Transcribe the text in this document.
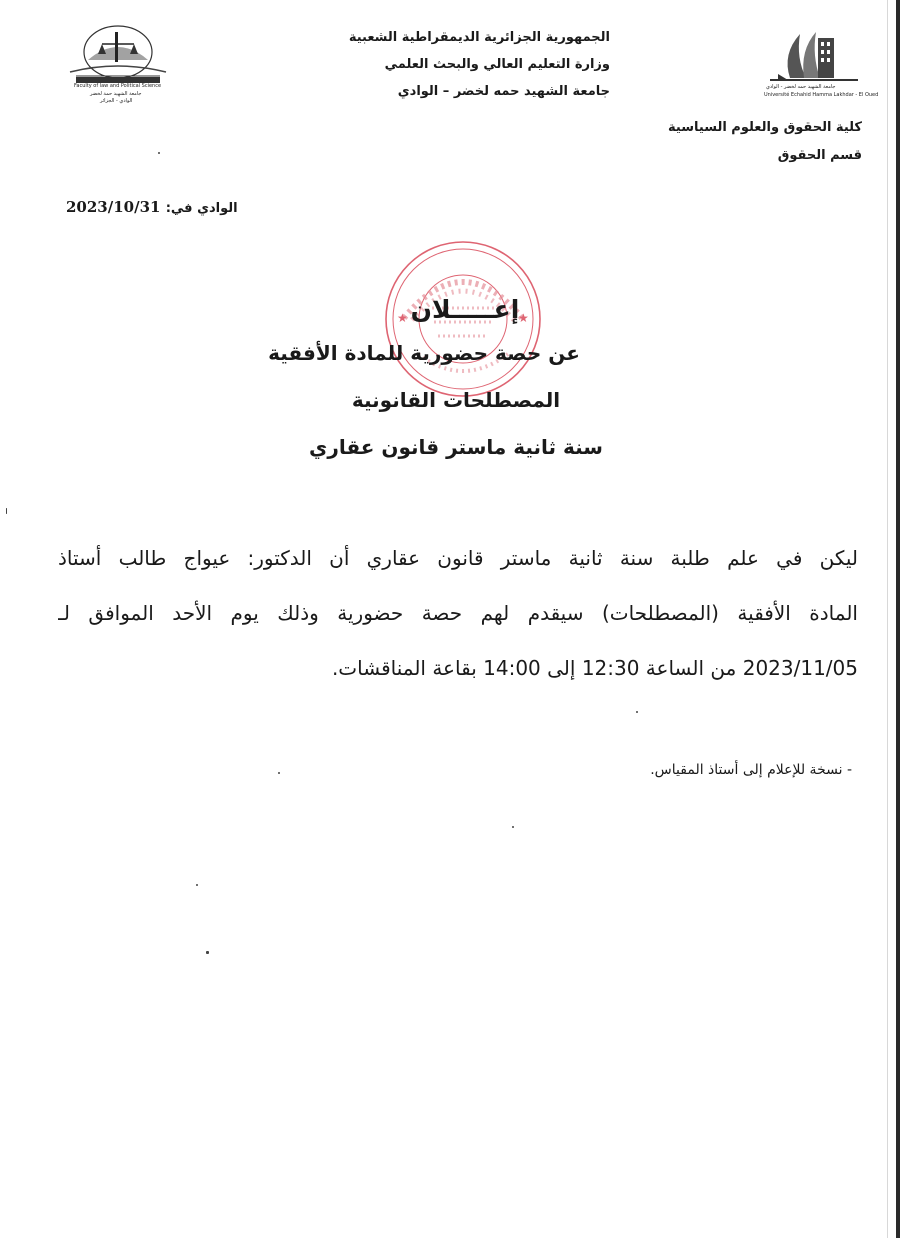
Faculty of law and Political Science
جامعة الشهيد حمة لخضر
الوادي - الجزائر
جامعة الشهيد حمه لخضر - الوادي
Université Echahid Hamma Lakhdar - El Oued
الجمهورية الجزائرية الديمقراطية الشعبية
وزارة التعليم العالي والبحث العلمي
جامعة الشهيد حمه لخضر – الوادي
كلية الحقوق والعلوم السياسية
قسم الحقوق
الوادي في: 2023/10/31
★	★
إعـــــلان
عن حصة حضورية للمادة الأفقية
المصطلحات القانونية
سنة ثانية ماستر قانون عقاري
ليكن في علم طلبة سنة ثانية ماستر قانون عقاري أن الدكتور: عيواج طالب أستاذ
المادة الأفقية (المصطلحات) سيقدم لهم حصة حضورية وذلك يوم الأحد الموافق لـ
2023/11/05 من الساعة 12:30 إلى 14:00 بقاعة المناقشات.
- نسخة للإعلام إلى أستاذ المقياس.
